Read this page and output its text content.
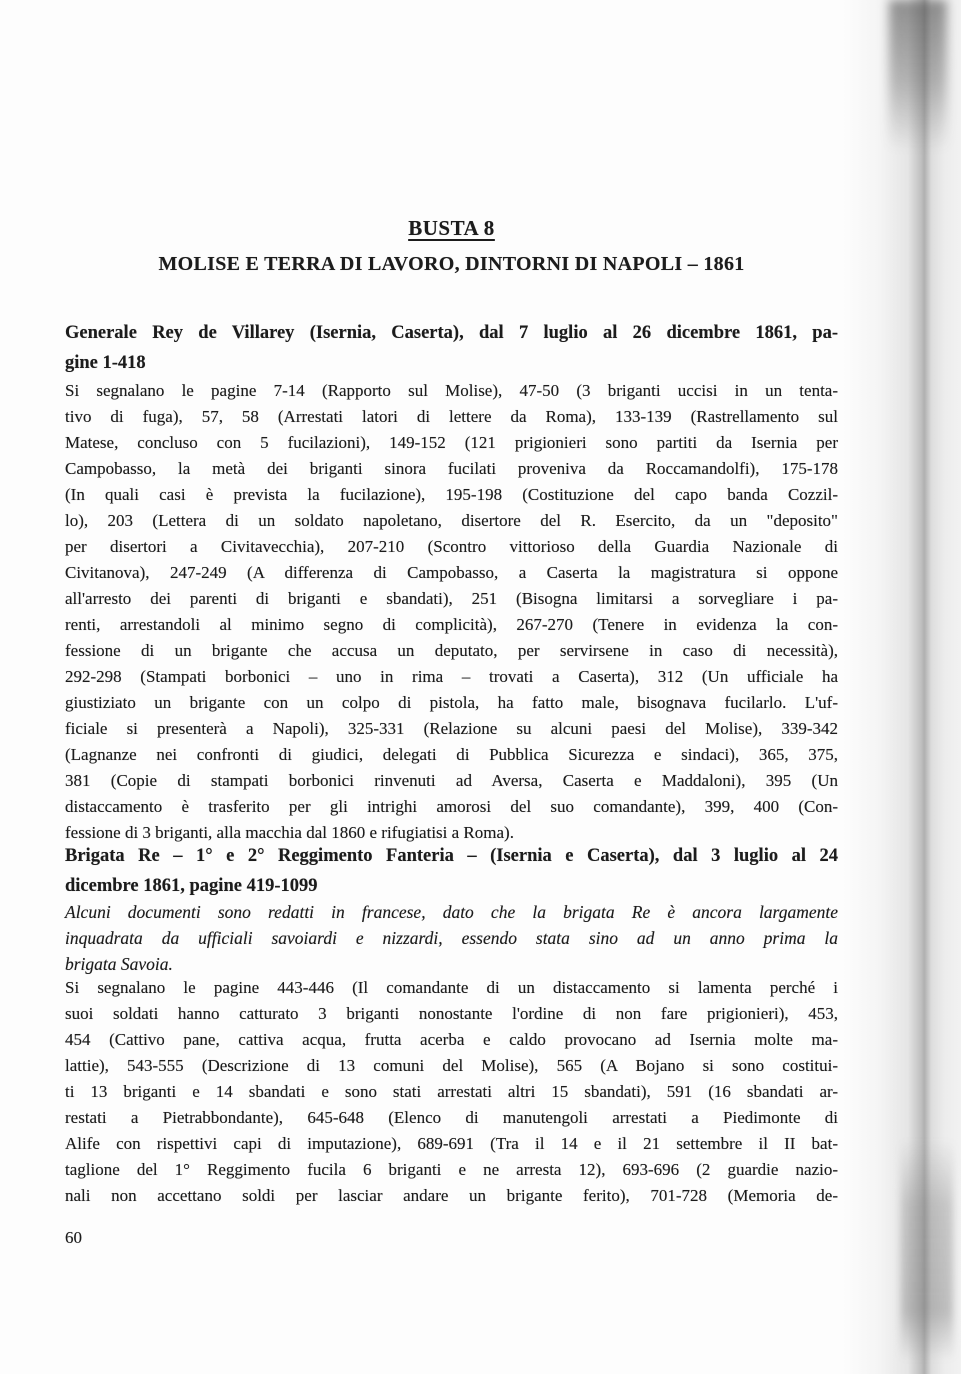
BUSTA 8
MOLISE E TERRA DI LAVORO, DINTORNI DI NAPOLI – 1861
Generale Rey de Villarey (Isernia, Caserta), dal 7 luglio al 26 dicembre 1861, pa-
gine 1-418
Si segnalano le pagine 7-14 (Rapporto sul Molise), 47-50 (3 briganti uccisi in un tenta-
tivo di fuga), 57, 58 (Arrestati latori di lettere da Roma), 133-139 (Rastrellamento sul
Matese, concluso con 5 fucilazioni), 149-152 (121 prigionieri sono partiti da Isernia per
Campobasso, la metà dei briganti sinora fucilati proveniva da Roccamandolfi), 175-178
(In quali casi è prevista la fucilazione), 195-198 (Costituzione del capo banda Cozzil-
lo), 203 (Lettera di un soldato napoletano, disertore del R. Esercito, da un "deposito"
per disertori a Civitavecchia), 207-210 (Scontro vittorioso della Guardia Nazionale di
Civitanova), 247-249 (A differenza di Campobasso, a Caserta la magistratura si oppone
all'arresto dei parenti di briganti e sbandati), 251 (Bisogna limitarsi a sorvegliare i pa-
renti, arrestandoli al minimo segno di complicità), 267-270 (Tenere in evidenza la con-
fessione di un brigante che accusa un deputato, per servirsene in caso di necessità),
292-298 (Stampati borbonici – uno in rima – trovati a Caserta), 312 (Un ufficiale ha
giustiziato un brigante con un colpo di pistola, ha fatto male, bisognava fucilarlo. L'uf-
ficiale si presenterà a Napoli), 325-331 (Relazione su alcuni paesi del Molise), 339-342
(Lagnanze nei confronti di giudici, delegati di Pubblica Sicurezza e sindaci), 365, 375,
381 (Copie di stampati borbonici rinvenuti ad Aversa, Caserta e Maddaloni), 395 (Un
distaccamento è trasferito per gli intrighi amorosi del suo comandante), 399, 400 (Con-
fessione di 3 briganti, alla macchia dal 1860 e rifugiatisi a Roma).
Brigata Re – 1° e 2° Reggimento Fanteria – (Isernia e Caserta), dal 3 luglio al 24
dicembre 1861, pagine 419-1099
Alcuni documenti sono redatti in francese, dato che la brigata Re è ancora largamente
inquadrata da ufficiali savoiardi e nizzardi, essendo stata sino ad un anno prima la
brigata Savoia.
Si segnalano le pagine 443-446 (Il comandante di un distaccamento si lamenta perché i
suoi soldati hanno catturato 3 briganti nonostante l'ordine di non fare prigionieri), 453,
454 (Cattivo pane, cattiva acqua, frutta acerba e caldo provocano ad Isernia molte ma-
lattie), 543-555 (Descrizione di 13 comuni del Molise), 565 (A Bojano si sono costitui-
ti 13 briganti e 14 sbandati e sono stati arrestati altri 15 sbandati), 591 (16 sbandati ar-
restati a Pietrabbondante), 645-648 (Elenco di manutengoli arrestati a Piedimonte di
Alife con rispettivi capi di imputazione), 689-691 (Tra il 14 e il 21 settembre il II bat-
taglione del 1° Reggimento fucila 6 briganti e ne arresta 12), 693-696 (2 guardie nazio-
nali non accettano soldi per lasciar andare un brigante ferito), 701-728 (Memoria de-
60
